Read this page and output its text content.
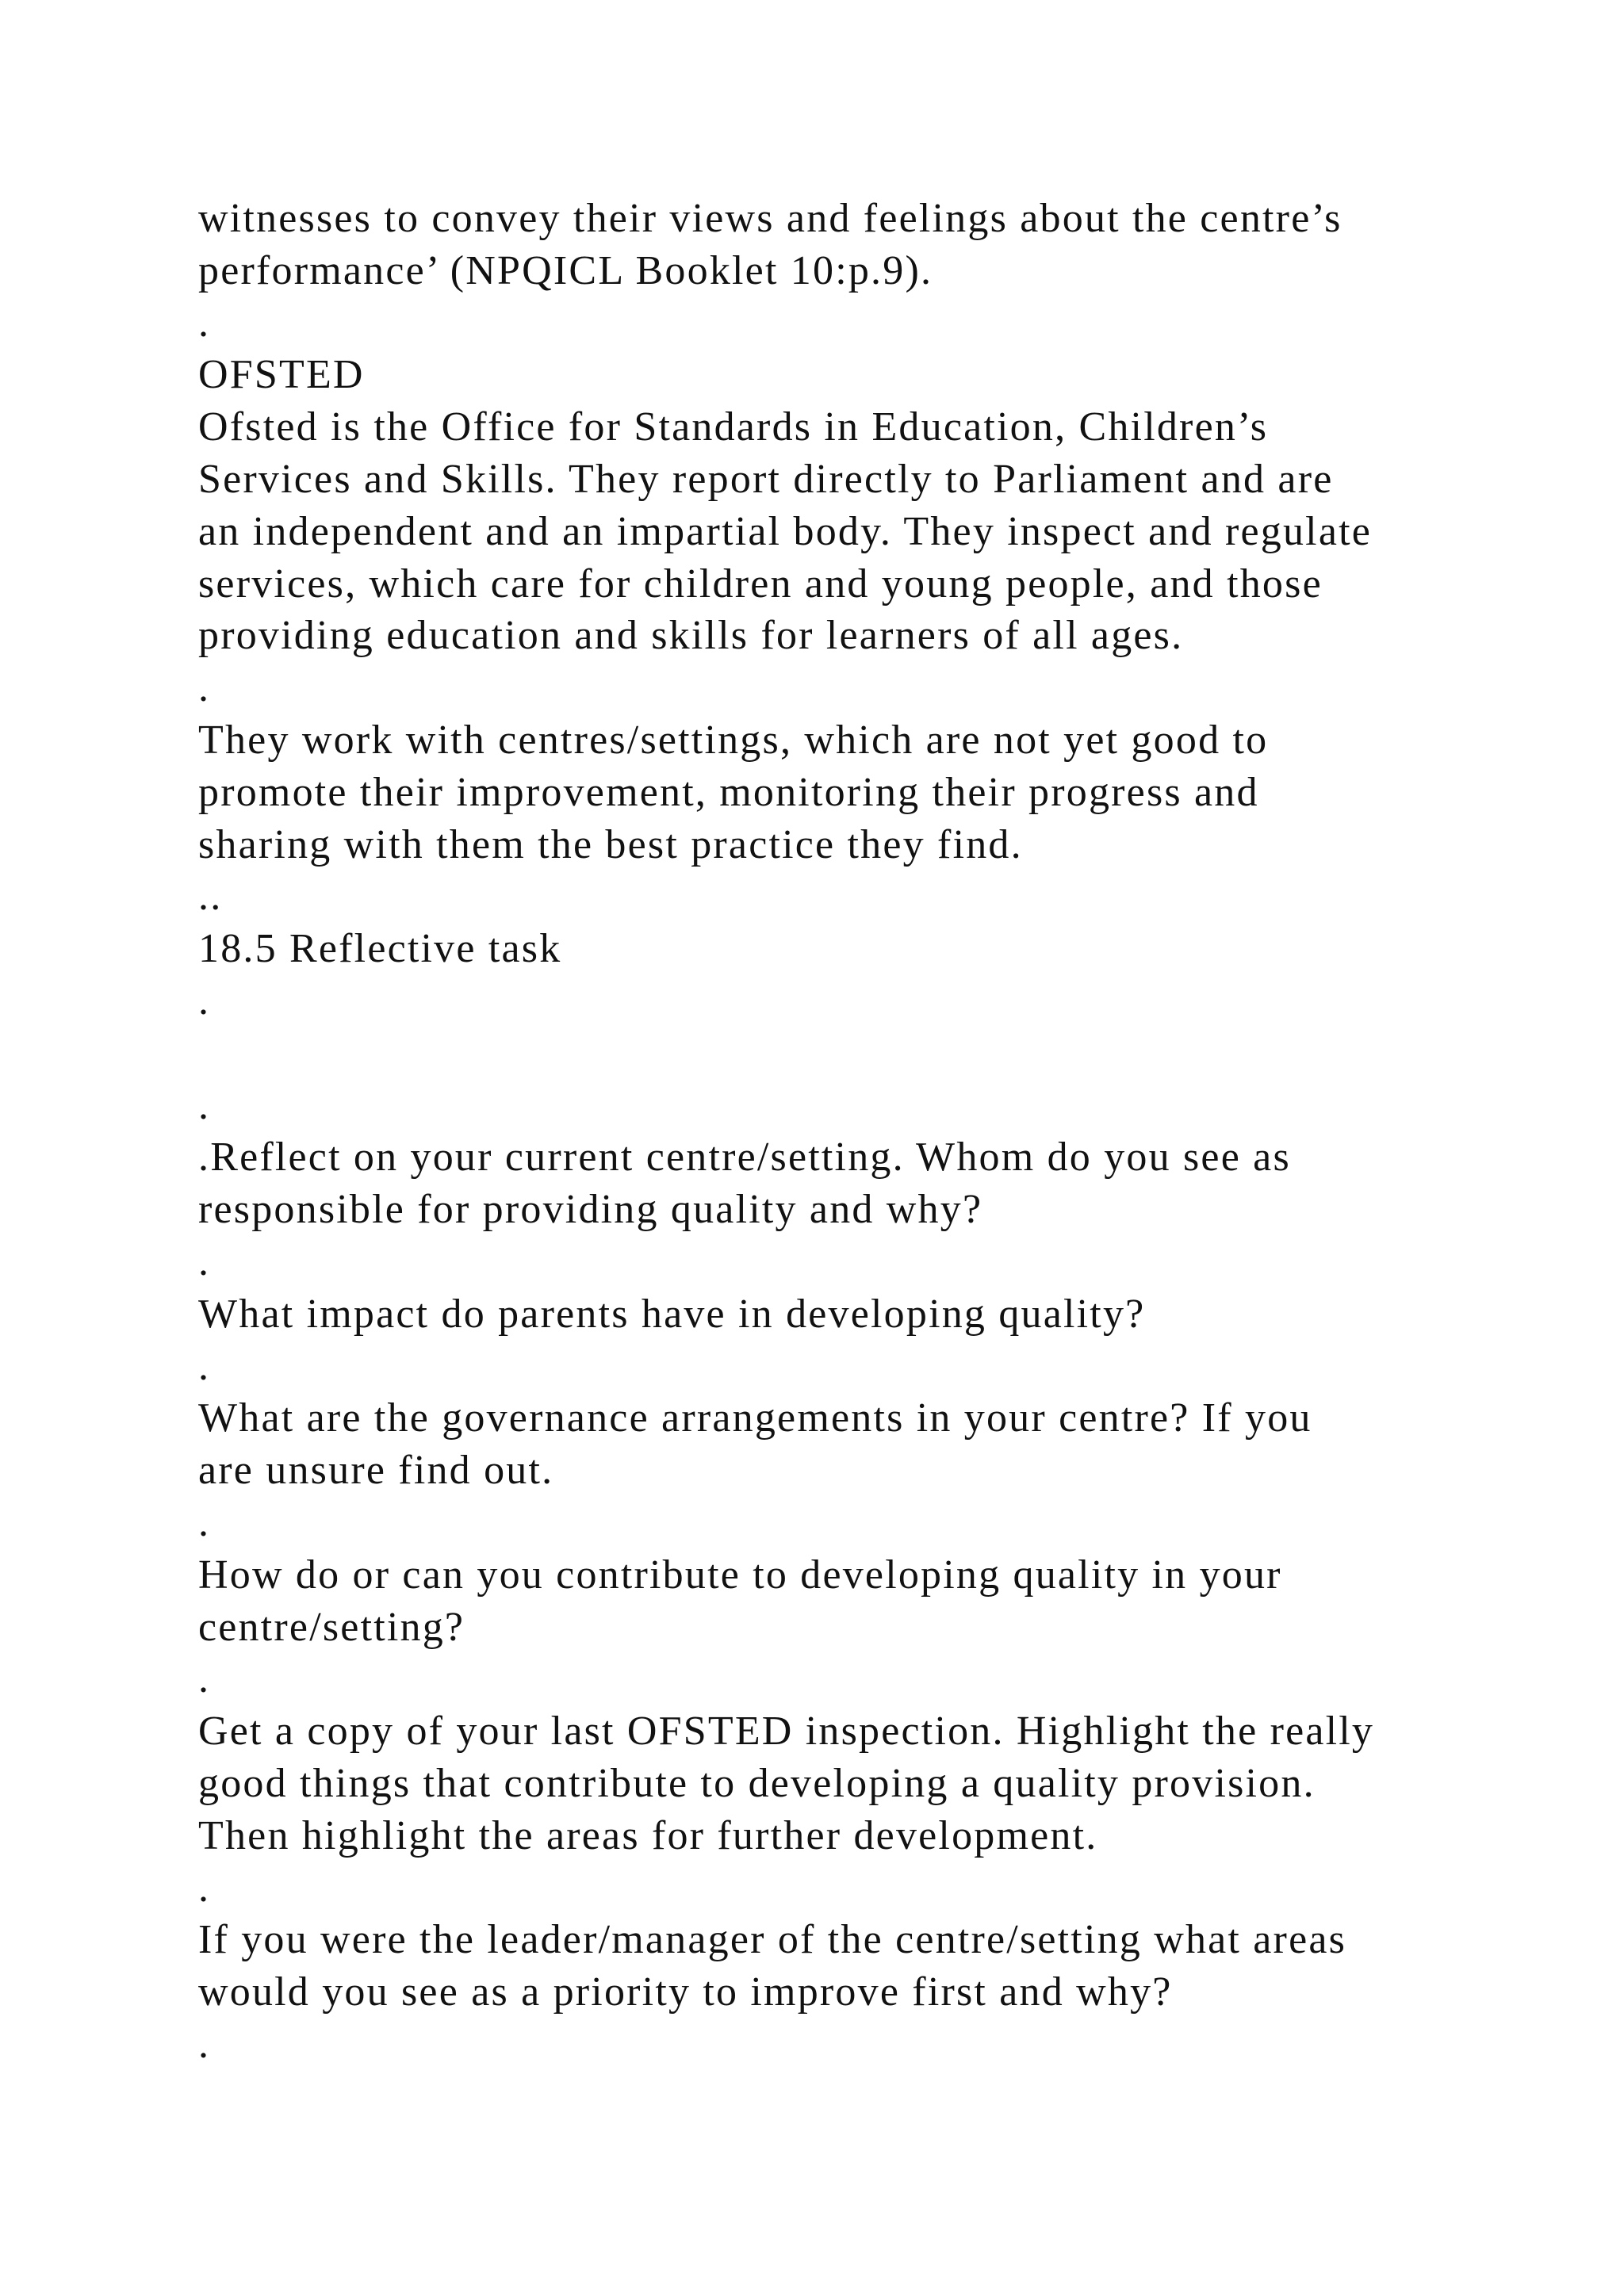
witnesses to convey their views and feelings about the centre’s
performance’ (NPQICL Booklet 10:p.9).
.
OFSTED
Ofsted is the Office for Standards in Education, Children’s
Services and Skills. They report directly to Parliament and are
an independent and an impartial body. They inspect and regulate
services, which care for children and young people, and those
providing education and skills for learners of all ages.
.
They work with centres/settings, which are not yet good to
promote their improvement, monitoring their progress and
sharing with them the best practice they find.
..
18.5 Reflective task
.
.
.Reflect on your current centre/setting. Whom do you see as
responsible for providing quality and why?
.
What impact do parents have in developing quality?
.
What are the governance arrangements in your centre? If you
are unsure find out.
.
How do or can you contribute to developing quality in your
centre/setting?
.
Get a copy of your last OFSTED inspection. Highlight the really
good things that contribute to developing a quality provision.
Then highlight the areas for further development.
.
If you were the leader/manager of the centre/setting what areas
would you see as a priority to improve first and why?
.
